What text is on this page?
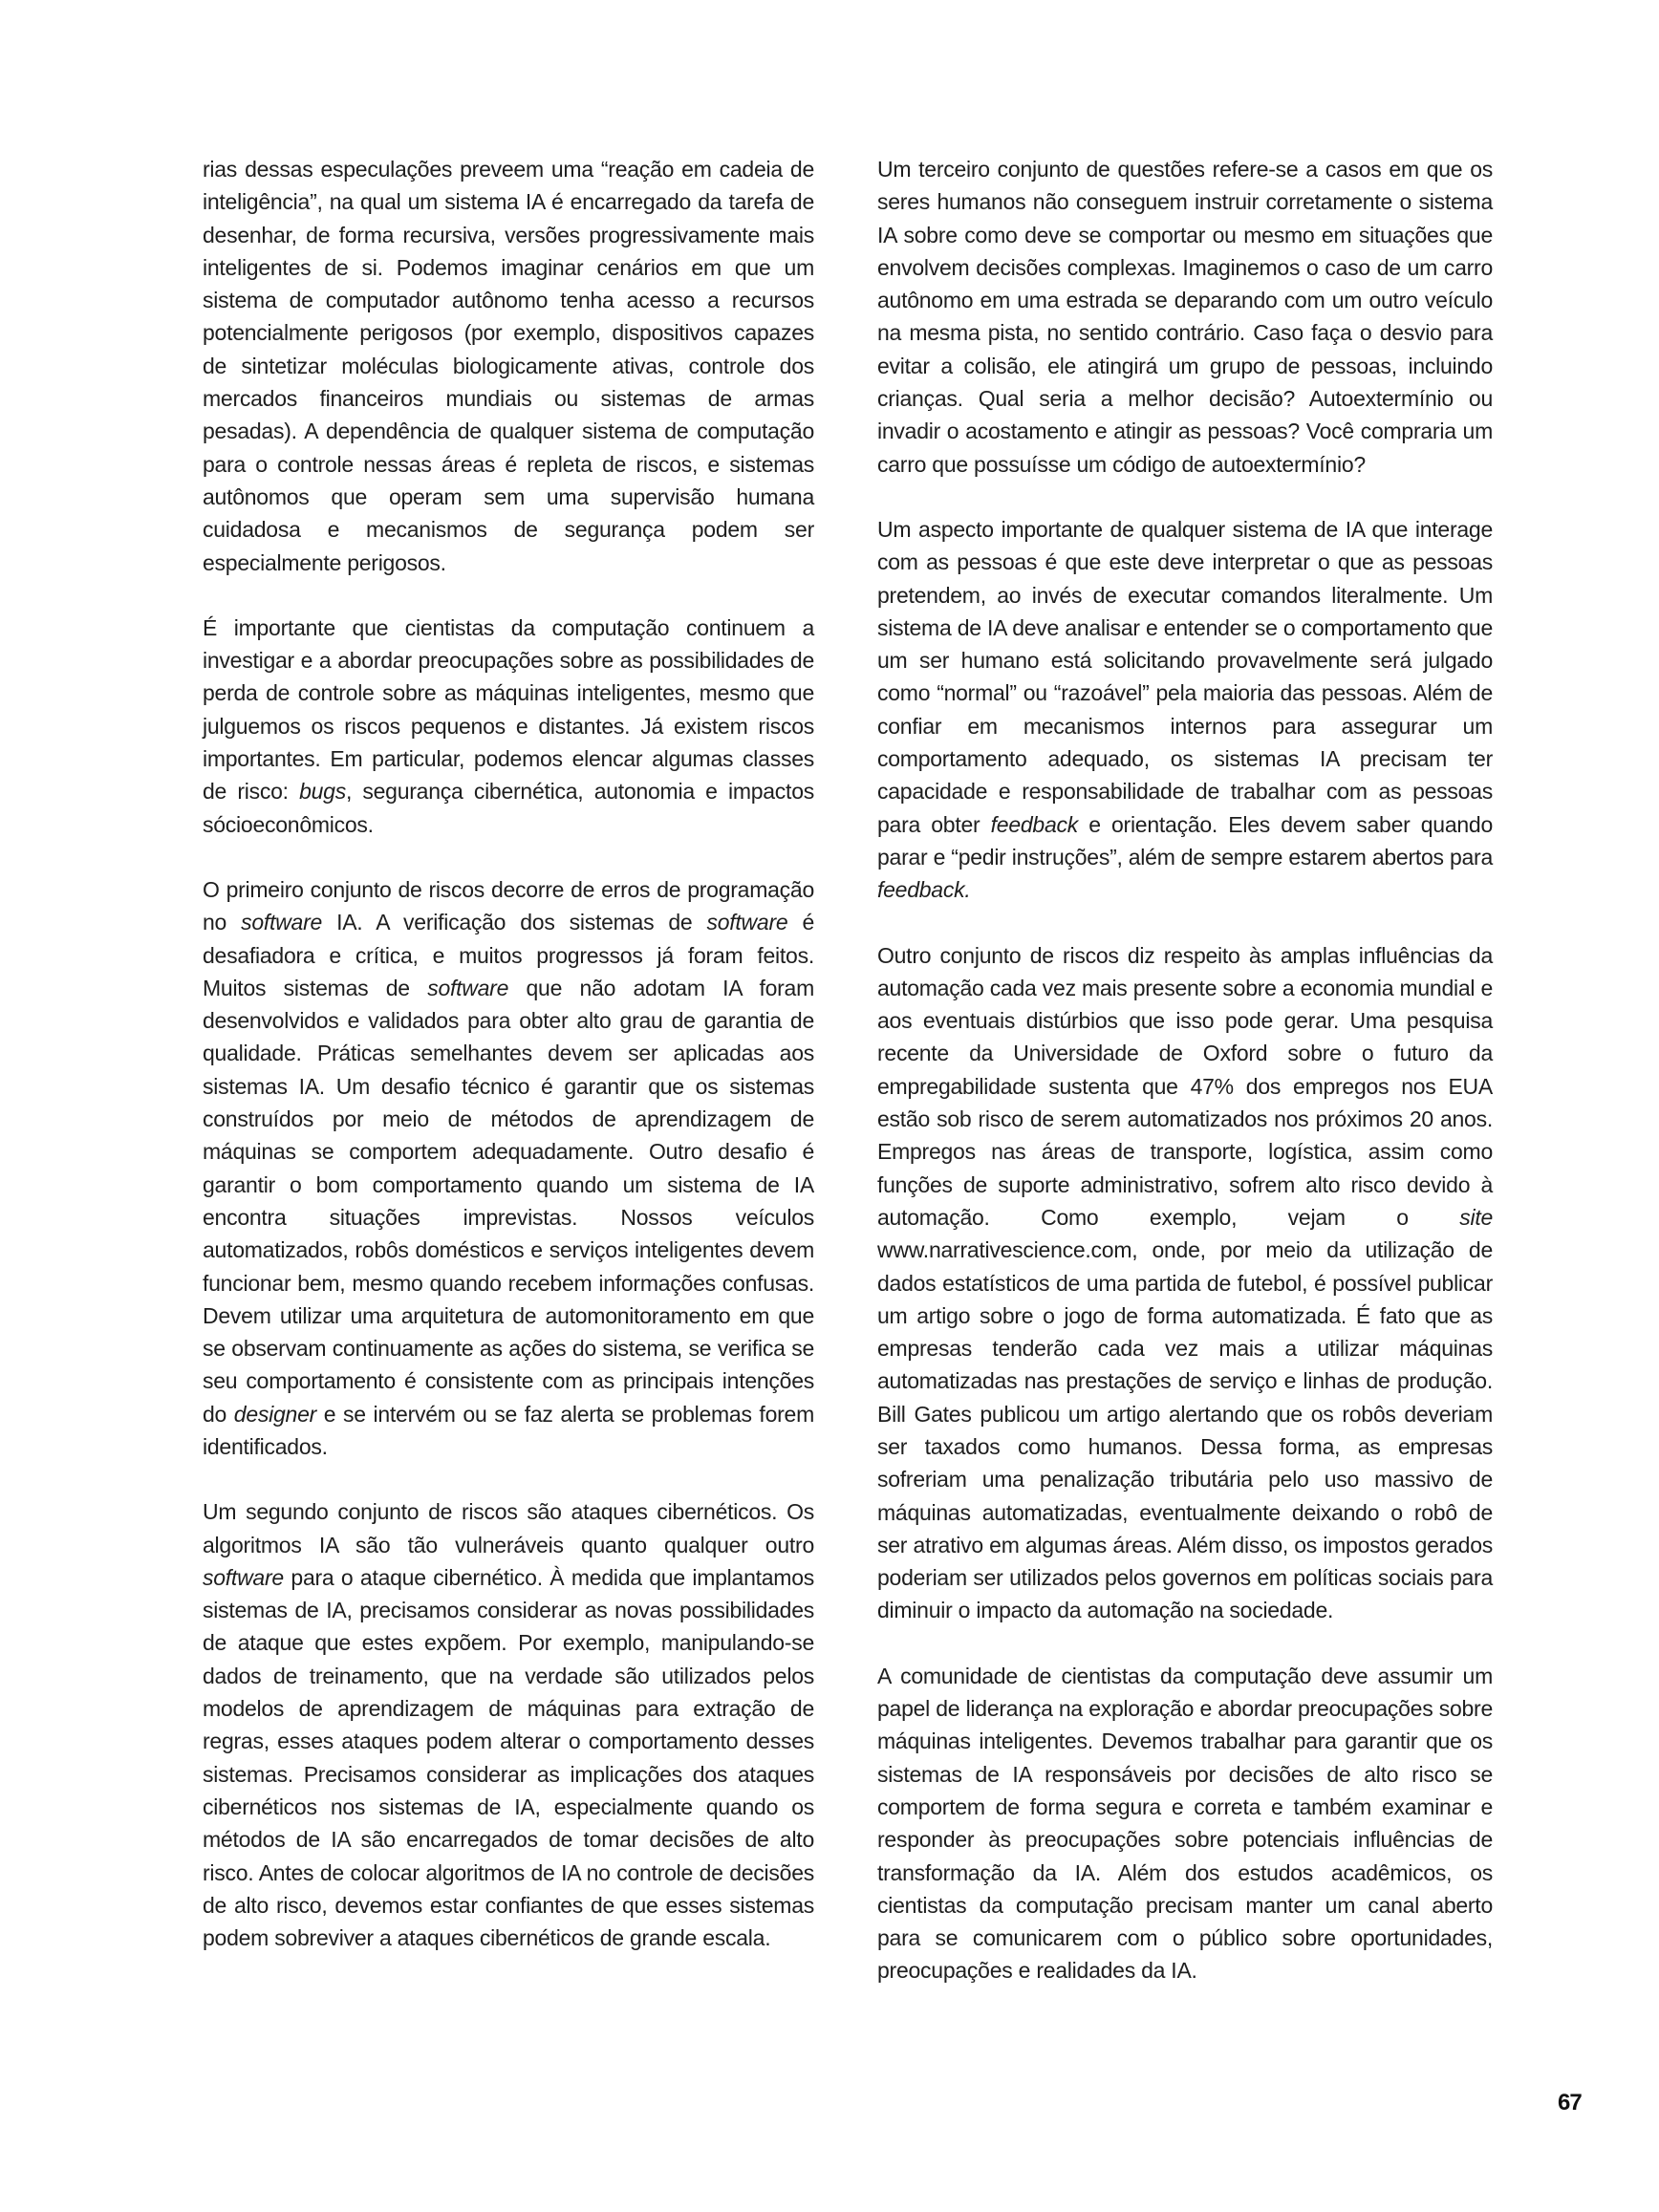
rias dessas especulações preveem uma “reação em cadeia de inteligência”, na qual um sistema IA é encarregado da tarefa de desenhar, de forma recursiva, versões progressivamente mais inteligentes de si. Podemos imaginar cenários em que um sistema de computador autônomo tenha acesso a recursos potencialmente perigosos (por exemplo, dispositivos capazes de sintetizar moléculas biologicamente ativas, controle dos mercados financeiros mundiais ou sistemas de armas pesadas). A dependência de qualquer sistema de computação para o controle nessas áreas é repleta de riscos, e sistemas autônomos que operam sem uma supervisão humana cuidadosa e mecanismos de segurança podem ser especialmente perigosos.

É importante que cientistas da computação continuem a investigar e a abordar preocupações sobre as possibilidades de perda de controle sobre as máquinas inteligentes, mesmo que julguemos os riscos pequenos e distantes. Já existem riscos importantes. Em particular, podemos elencar algumas classes de risco: bugs, segurança cibernética, autonomia e impactos sócioeconômicos.

O primeiro conjunto de riscos decorre de erros de programação no software IA. A verificação dos sistemas de software é desafiadora e crítica, e muitos progressos já foram feitos. Muitos sistemas de software que não adotam IA foram desenvolvidos e validados para obter alto grau de garantia de qualidade. Práticas semelhantes devem ser aplicadas aos sistemas IA. Um desafio técnico é garantir que os sistemas construídos por meio de métodos de aprendizagem de máquinas se comportem adequadamente. Outro desafio é garantir o bom comportamento quando um sistema de IA encontra situações imprevistas. Nossos veículos automatizados, robôs domésticos e serviços inteligentes devem funcionar bem, mesmo quando recebem informações confusas. Devem utilizar uma arquitetura de automonitoramento em que se observam continuamente as ações do sistema, se verifica se seu comportamento é consistente com as principais intenções do designer e se intervém ou se faz alerta se problemas forem identificados.

Um segundo conjunto de riscos são ataques cibernéticos. Os algoritmos IA são tão vulneráveis quanto qualquer outro software para o ataque cibernético. À medida que implantamos sistemas de IA, precisamos considerar as novas possibilidades de ataque que estes expõem. Por exemplo, manipulando-se dados de treinamento, que na verdade são utilizados pelos modelos de aprendizagem de máquinas para extração de regras, esses ataques podem alterar o comportamento desses sistemas. Precisamos considerar as implicações dos ataques cibernéticos nos sistemas de IA, especialmente quando os métodos de IA são encarregados de tomar decisões de alto risco. Antes de colocar algoritmos de IA no controle de decisões de alto risco, devemos estar confiantes de que esses sistemas podem sobreviver a ataques cibernéticos de grande escala.

Um terceiro conjunto de questões refere-se a casos em que os seres humanos não conseguem instruir corretamente o sistema IA sobre como deve se comportar ou mesmo em situações que envolvem decisões complexas. Imaginemos o caso de um carro autônomo em uma estrada se deparando com um outro veículo na mesma pista, no sentido contrário. Caso faça o desvio para evitar a colisão, ele atingirá um grupo de pessoas, incluindo crianças. Qual seria a melhor decisão? Autoextermínio ou invadir o acostamento e atingir as pessoas? Você compraria um carro que possuísse um código de autoextermínio?

Um aspecto importante de qualquer sistema de IA que interage com as pessoas é que este deve interpretar o que as pessoas pretendem, ao invés de executar comandos literalmente. Um sistema de IA deve analisar e entender se o comportamento que um ser humano está solicitando provavelmente será julgado como “normal” ou “razoável” pela maioria das pessoas. Além de confiar em mecanismos internos para assegurar um comportamento adequado, os sistemas IA precisam ter capacidade e responsabilidade de trabalhar com as pessoas para obter feedback e orientação. Eles devem saber quando parar e “pedir instruções”, além de sempre estarem abertos para feedback.

Outro conjunto de riscos diz respeito às amplas influências da automação cada vez mais presente sobre a economia mundial e aos eventuais distúrbios que isso pode gerar. Uma pesquisa recente da Universidade de Oxford sobre o futuro da empregabilidade sustenta que 47% dos empregos nos EUA estão sob risco de serem automatizados nos próximos 20 anos. Empregos nas áreas de transporte, logística, assim como funções de suporte administrativo, sofrem alto risco devido à automação. Como exemplo, vejam o site www.narrativescience.com, onde, por meio da utilização de dados estatísticos de uma partida de futebol, é possível publicar um artigo sobre o jogo de forma automatizada. É fato que as empresas tenderão cada vez mais a utilizar máquinas automatizadas nas prestações de serviço e linhas de produção. Bill Gates publicou um artigo alertando que os robôs deveriam ser taxados como humanos. Dessa forma, as empresas sofreriam uma penalização tributária pelo uso massivo de máquinas automatizadas, eventualmente deixando o robô de ser atrativo em algumas áreas. Além disso, os impostos gerados poderiam ser utilizados pelos governos em políticas sociais para diminuir o impacto da automação na sociedade.

A comunidade de cientistas da computação deve assumir um papel de liderança na exploração e abordar preocupações sobre máquinas inteligentes. Devemos trabalhar para garantir que os sistemas de IA responsáveis por decisões de alto risco se comportem de forma segura e correta e também examinar e responder às preocupações sobre potenciais influências de transformação da IA. Além dos estudos acadêmicos, os cientistas da computação precisam manter um canal aberto para se comunicarem com o público sobre oportunidades, preocupações e realidades da IA.

67
